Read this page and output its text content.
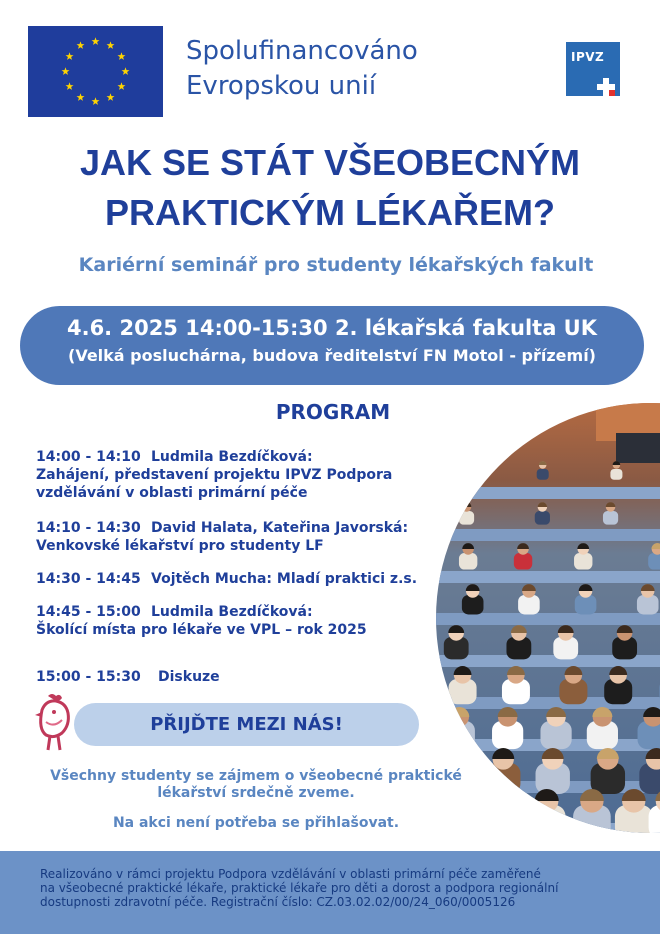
Spolufinancováno
Evropskou unií
IPVZ
JAK SE STÁT VŠEOBECNÝM
PRAKTICKÝM LÉKAŘEM?
Kariérní seminář pro studenty lékařských fakult
4.6. 2025 14:00-15:30 2. lékařská fakulta UK
(Velká posluchárna, budova ředitelství FN Motol - přízemí)
PROGRAM
14:00 - 14:10 Ludmila Bezdíčková:
Zahájení, představení projektu IPVZ Podpora
vzdělávání v oblasti primární péče
14:10 - 14:30 David Halata, Kateřina Javorská:
Venkovské lékařství pro studenty LF
14:30 - 14:45 Vojtěch Mucha: Mladí praktici z.s.
14:45 - 15:00 Ludmila Bezdíčková:
Školící místa pro lékaře ve VPL – rok 2025
15:00 - 15:30 Diskuze
PŘIJĎTE MEZI NÁS!
Všechny studenty se zájmem o všeobecné praktické
lékařství srdečně zveme.
Na akci není potřeba se přihlašovat.
Realizováno v rámci projektu Podpora vzdělávání v oblasti primární péče zaměřené
na všeobecné praktické lékaře, praktické lékaře pro děti a dorost a podpora regionální
dostupnosti zdravotní péče. Registrační číslo: CZ.03.02.02/00/24_060/0005126
